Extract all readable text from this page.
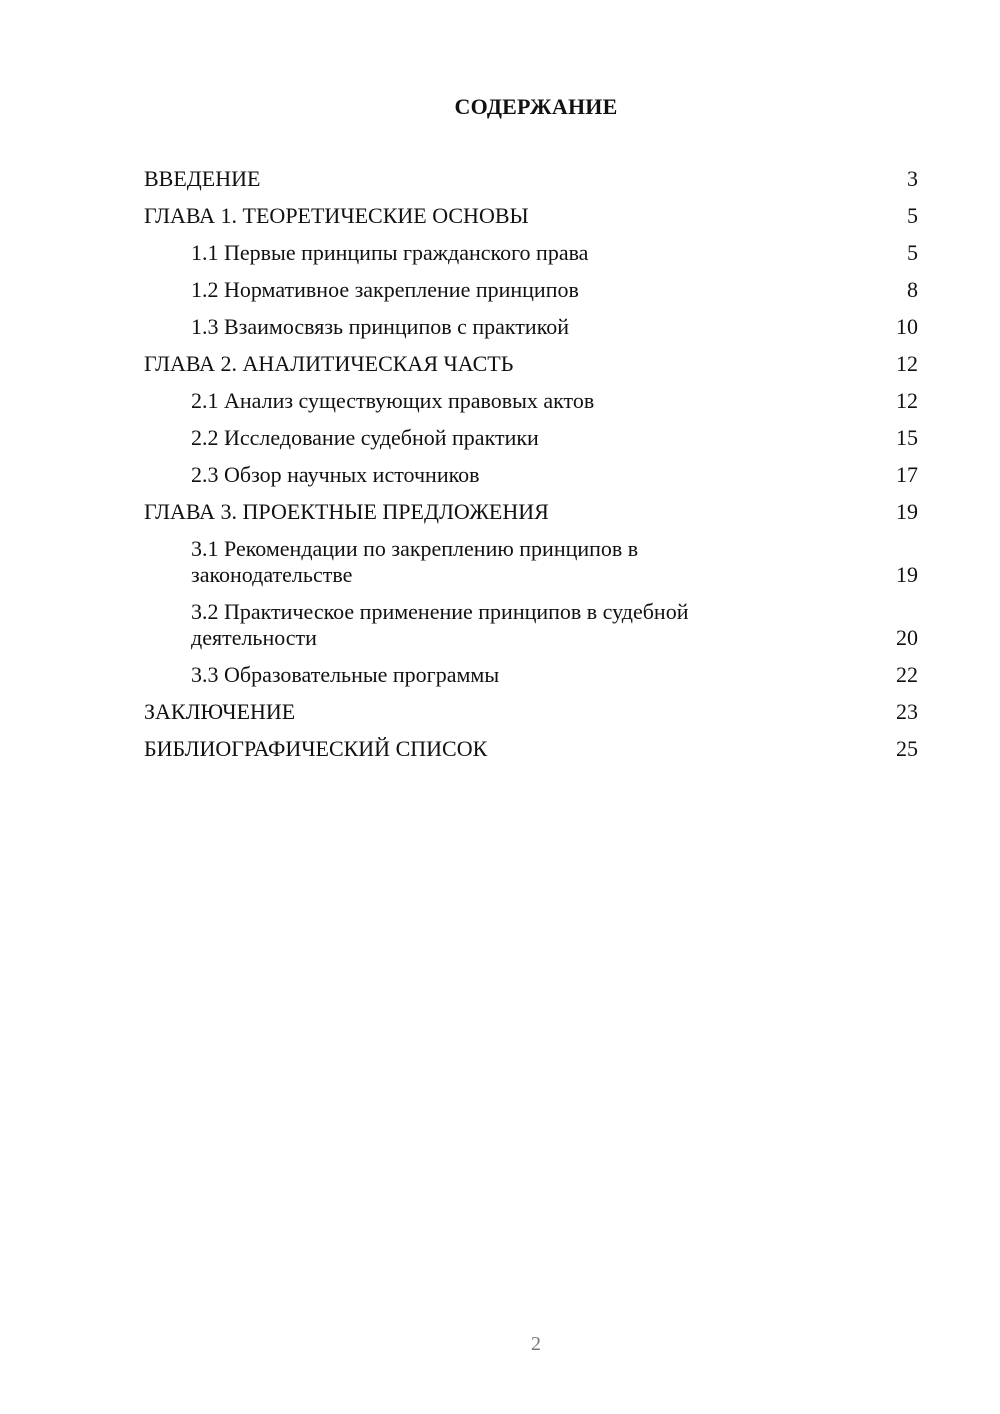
СОДЕРЖАНИЕ
ВВЕДЕНИЕ	3
ГЛАВА 1. ТЕОРЕТИЧЕСКИЕ ОСНОВЫ	5
1.1 Первые принципы гражданского права	5
1.2 Нормативное закрепление принципов	8
1.3 Взаимосвязь принципов с практикой	10
ГЛАВА 2. АНАЛИТИЧЕСКАЯ ЧАСТЬ	12
2.1 Анализ существующих правовых актов	12
2.2 Исследование судебной практики	15
2.3 Обзор научных источников	17
ГЛАВА 3. ПРОЕКТНЫЕ ПРЕДЛОЖЕНИЯ	19
3.1 Рекомендации по закреплению принципов в законодательстве	19
3.2 Практическое применение принципов в судебной деятельности	20
3.3 Образовательные программы	22
ЗАКЛЮЧЕНИЕ	23
БИБЛИОГРАФИЧЕСКИЙ СПИСОК	25
2
